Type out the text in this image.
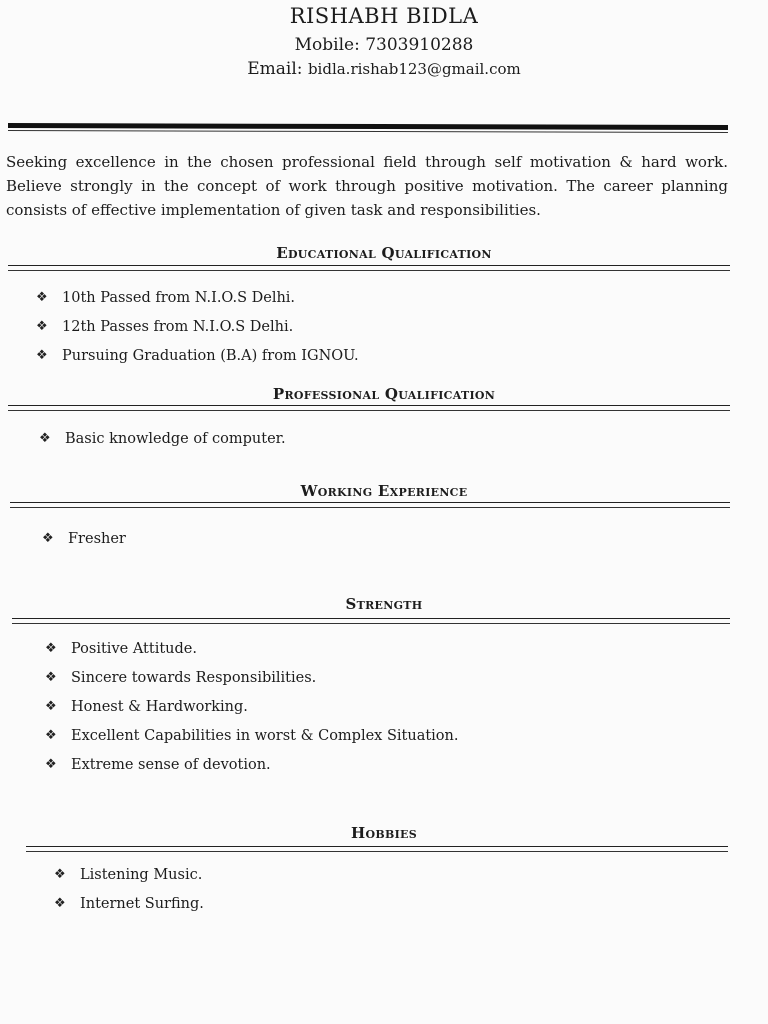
RISHABH BIDLA
Mobile: 7303910288
Email: bidla.rishab123@gmail.com
Seeking excellence in the chosen professional field through self motivation & hard work. Believe strongly in the concept of work through positive motivation. The career planning consists of effective implementation of given task and responsibilities.
Educational Qualification
❖ 10th Passed from N.I.O.S Delhi.
❖ 12th Passes from N.I.O.S Delhi.
❖ Pursuing Graduation (B.A) from IGNOU.
Professional Qualification
❖ Basic knowledge of computer.
Working Experience
❖ Fresher
Strength
❖ Positive Attitude.
❖ Sincere towards Responsibilities.
❖ Honest & Hardworking.
❖ Excellent Capabilities in worst & Complex Situation.
❖ Extreme sense of devotion.
Hobbies
❖ Listening Music.
❖ Internet Surfing.
